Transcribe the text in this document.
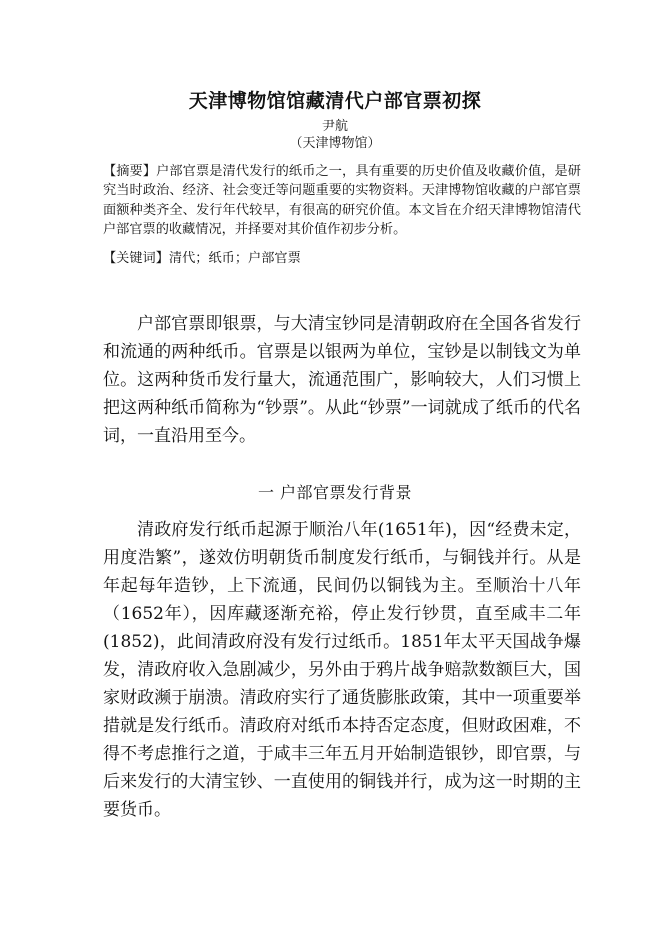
天津博物馆馆藏清代户部官票初探
尹航
（天津博物馆）
【摘要】户部官票是清代发行的纸币之一，具有重要的历史价值及收藏价值，是研究当时政治、经济、社会变迁等问题重要的实物资料。天津博物馆收藏的户部官票面额种类齐全、发行年代较早，有很高的研究价值。本文旨在介绍天津博物馆清代户部官票的收藏情况，并择要对其价值作初步分析。
【关键词】清代；纸币；户部官票
户部官票即银票，与大清宝钞同是清朝政府在全国各省发行和流通的两种纸币。官票是以银两为单位，宝钞是以制钱文为单位。这两种货币发行量大，流通范围广，影响较大，人们习惯上把这两种纸币简称为“钞票”。从此“钞票”一词就成了纸币的代名词，一直沿用至今。
一 户部官票发行背景
清政府发行纸币起源于顺治八年(1651年)，因“经费未定，用度浩繁”，遂效仿明朝货币制度发行纸币，与铜钱并行。从是年起每年造钞，上下流通，民间仍以铜钱为主。至顺治十八年（1652年），因库藏逐渐充裕，停止发行钞贯，直至咸丰二年(1852)，此间清政府没有发行过纸币。1851年太平天国战争爆发，清政府收入急剧减少，另外由于鸦片战争赔款数额巨大，国家财政濒于崩溃。清政府实行了通货膨胀政策，其中一项重要举措就是发行纸币。清政府对纸币本持否定态度，但财政困难，不得不考虑推行之道，于咸丰三年五月开始制造银钞，即官票，与后来发行的大清宝钞、一直使用的铜钱并行，成为这一时期的主要货币。
